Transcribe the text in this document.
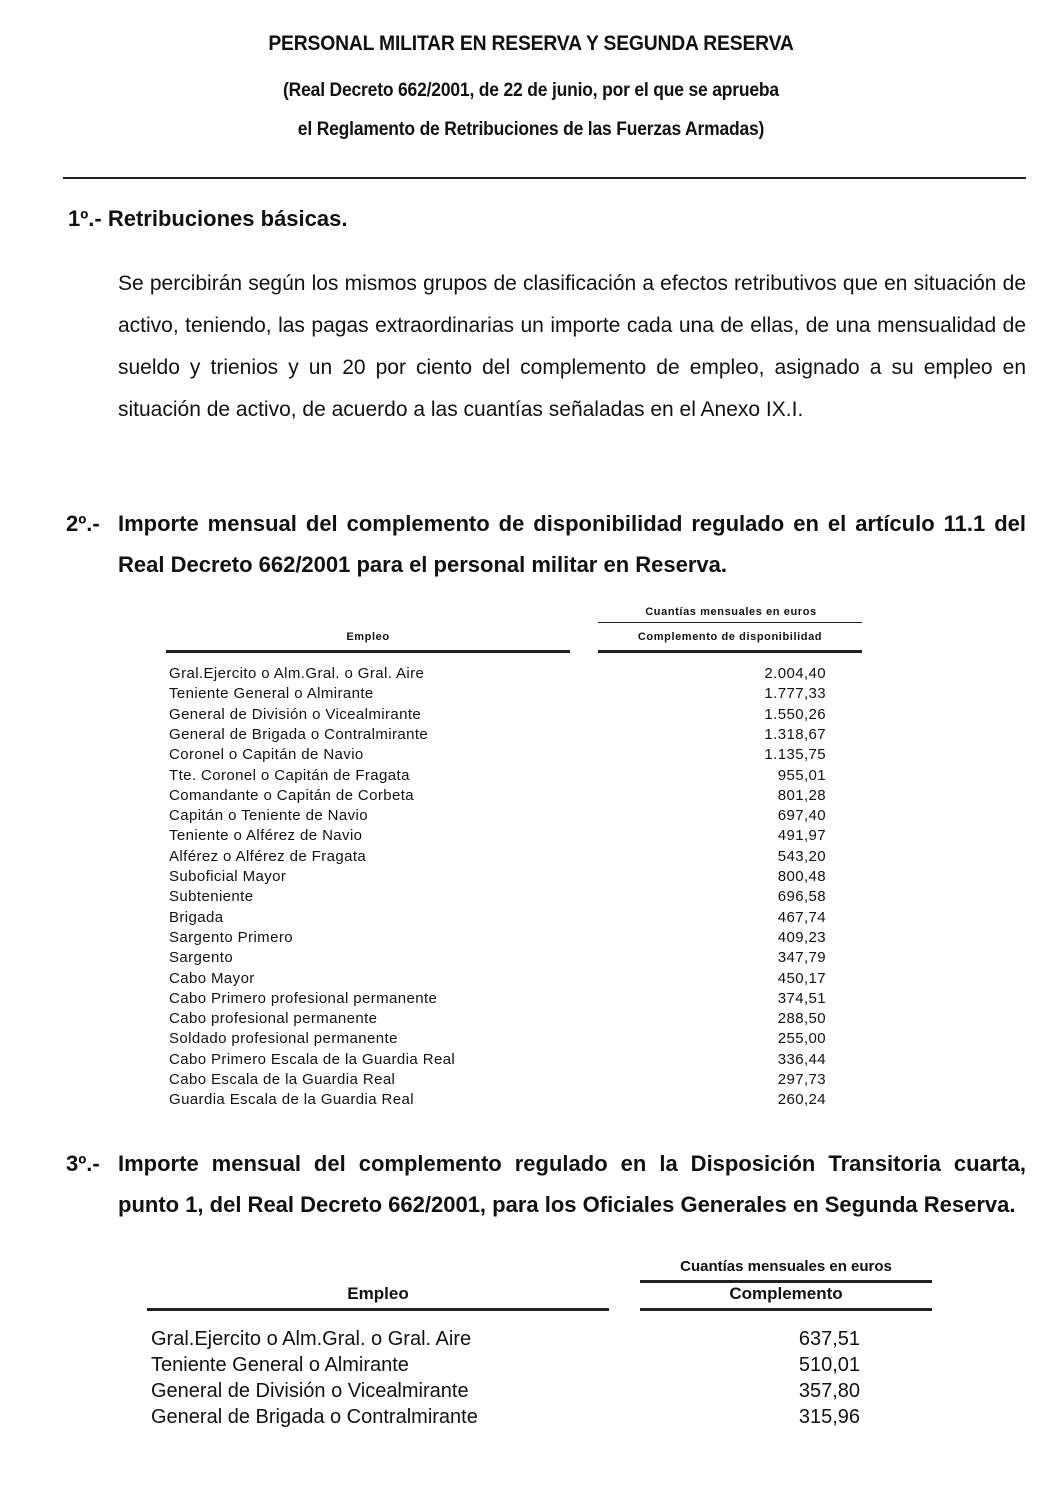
PERSONAL MILITAR EN RESERVA Y SEGUNDA RESERVA
(Real Decreto 662/2001, de 22 de junio, por el que se aprueba
el Reglamento de Retribuciones de las Fuerzas Armadas)
1º.- Retribuciones básicas.
Se percibirán según los mismos grupos de clasificación a efectos retributivos que en situación de activo, teniendo, las pagas extraordinarias un importe cada una de ellas, de una mensualidad de sueldo y trienios y un 20 por ciento del complemento de empleo, asignado a su empleo en situación de activo, de acuerdo a las cuantías señaladas en el Anexo IX.I.
2º.- Importe mensual del complemento de disponibilidad regulado en el artículo 11.1 del Real Decreto 662/2001 para el personal militar en Reserva.
Cuantías mensuales en euros
Empleo	Complemento de disponibilidad
Gral.Ejercito o Alm.Gral. o Gral. Aire	2.004,40
Teniente General o Almirante	1.777,33
General de División o Vicealmirante	1.550,26
General de Brigada o Contralmirante	1.318,67
Coronel o Capitán de Navio	1.135,75
Tte. Coronel o Capitán de Fragata	955,01
Comandante o Capitán de Corbeta	801,28
Capitán o Teniente de Navio	697,40
Teniente o Alférez de Navio	491,97
Alférez o Alférez de Fragata	543,20
Suboficial Mayor	800,48
Subteniente	696,58
Brigada	467,74
Sargento Primero	409,23
Sargento	347,79
Cabo Mayor	450,17
Cabo Primero profesional permanente	374,51
Cabo profesional permanente	288,50
Soldado profesional permanente	255,00
Cabo Primero Escala de la Guardia Real	336,44
Cabo Escala de la Guardia Real	297,73
Guardia Escala de la Guardia Real	260,24
3º.- Importe mensual del complemento regulado en la Disposición Transitoria cuarta, punto 1, del Real Decreto 662/2001, para los Oficiales Generales en Segunda Reserva.
Cuantías mensuales en euros
Empleo	Complemento
Gral.Ejercito o Alm.Gral. o Gral. Aire	637,51
Teniente General o Almirante	510,01
General de División o Vicealmirante	357,80
General de Brigada o Contralmirante	315,96
